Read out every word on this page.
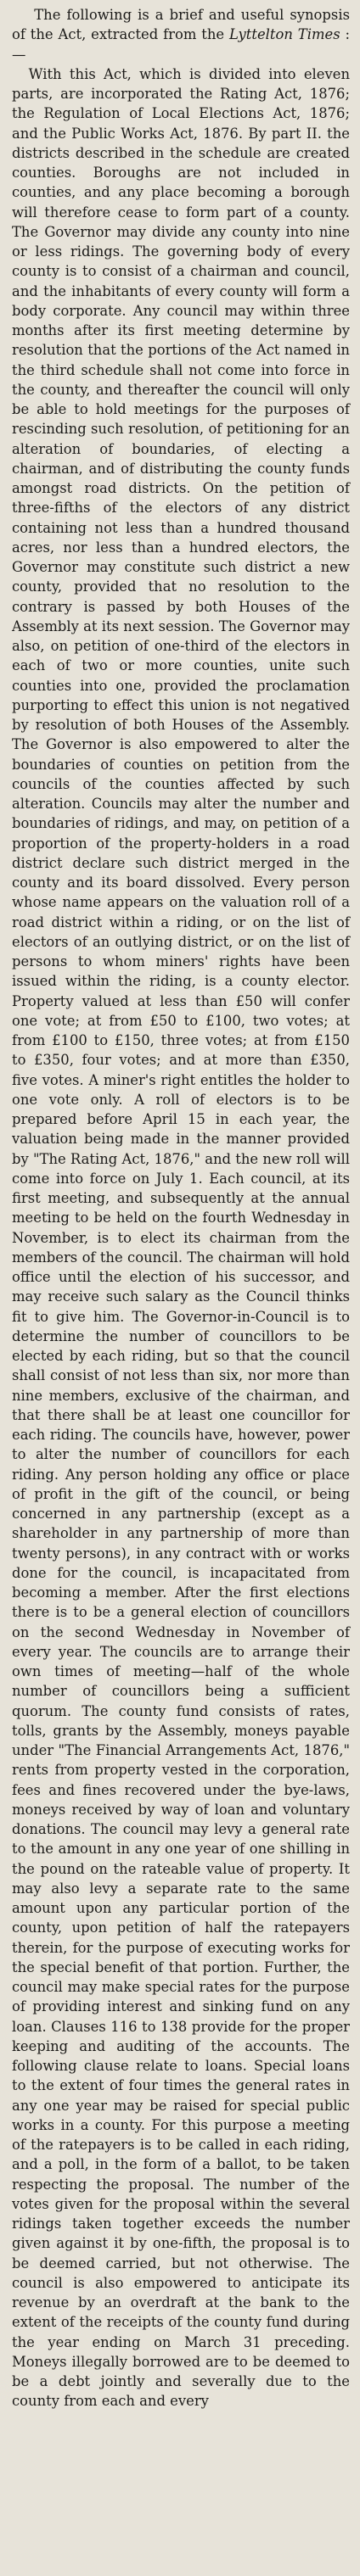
The following is a brief and useful synopsis of the Act, extracted from the Lyttelton Times :—

With this Act, which is divided into eleven parts, are incorporated the Rating Act, 1876; the Regulation of Local Elections Act, 1876; and the Public Works Act, 1876. By part II. the districts described in the schedule are created counties. Boroughs are not included in counties, and any place becoming a borough will therefore cease to form part of a county. The Governor may divide any county into nine or less ridings. The governing body of every county is to consist of a chairman and council, and the inhabitants of every county will form a body corporate. Any council may within three months after its first meeting determine by resolution that the portions of the Act named in the third schedule shall not come into force in the county, and thereafter the council will only be able to hold meetings for the purposes of rescinding such resolution, of petitioning for an alteration of boundaries, of electing a chairman, and of distributing the county funds amongst road districts. On the petition of three-fifths of the electors of any district containing not less than a hundred thousand acres, nor less than a hundred electors, the Governor may constitute such district a new county, provided that no resolution to the contrary is passed by both Houses of the Assembly at its next session. The Governor may also, on petition of one-third of the electors in each of two or more counties, unite such counties into one, provided the proclamation purporting to effect this union is not negatived by resolution of both Houses of the Assembly. The Governor is also empowered to alter the boundaries of counties on petition from the councils of the counties affected by such alteration. Councils may alter the number and boundaries of ridings, and may, on petition of a proportion of the property-holders in a road district declare such district merged in the county and its board dissolved. Every person whose name appears on the valuation roll of a road district within a riding, or on the list of electors of an outlying district, or on the list of persons to whom miners' rights have been issued within the riding, is a county elector. Property valued at less than £50 will confer one vote; at from £50 to £100, two votes; at from £100 to £150, three votes; at from £150 to £350, four votes; and at more than £350, five votes. A miner's right entitles the holder to one vote only. A roll of electors is to be prepared before April 15 in each year, the valuation being made in the manner provided by "The Rating Act, 1876," and the new roll will come into force on July 1. Each council, at its first meeting, and subsequently at the annual meeting to be held on the fourth Wednesday in November, is to elect its chairman from the members of the council. The chairman will hold office until the election of his successor, and may receive such salary as the Council thinks fit to give him. The Governor-in-Council is to determine the number of councillors to be elected by each riding, but so that the council shall consist of not less than six, nor more than nine members, exclusive of the chairman, and that there shall be at least one councillor for each riding. The councils have, however, power to alter the number of councillors for each riding. Any person holding any office or place of profit in the gift of the council, or being concerned in any partnership (except as a shareholder in any partnership of more than twenty persons), in any contract with or works done for the council, is incapacitated from becoming a member. After the first elections there is to be a general election of councillors on the second Wednesday in November of every year. The councils are to arrange their own times of meeting—half of the whole number of councillors being a sufficient quorum. The county fund consists of rates, tolls, grants by the Assembly, moneys payable under "The Financial Arrangements Act, 1876," rents from property vested in the corporation, fees and fines recovered under the bye-laws, moneys received by way of loan and voluntary donations. The council may levy a general rate to the amount in any one year of one shilling in the pound on the rateable value of property. It may also levy a separate rate to the same amount upon any particular portion of the county, upon petition of half the ratepayers therein, for the purpose of executing works for the special benefit of that portion. Further, the council may make special rates for the purpose of providing interest and sinking fund on any loan. Clauses 116 to 138 provide for the proper keeping and auditing of the accounts. The following clause relate to loans. Special loans to the extent of four times the general rates in any one year may be raised for special public works in a county. For this purpose a meeting of the ratepayers is to be called in each riding, and a poll, in the form of a ballot, to be taken respecting the proposal. The number of the votes given for the proposal within the several ridings taken together exceeds the number given against it by one-fifth, the proposal is to be deemed carried, but not otherwise. The council is also empowered to anticipate its revenue by an overdraft at the bank to the extent of the receipts of the county fund during the year ending on March 31 preceding. Moneys illegally borrowed are to be deemed to be a debt jointly and severally due to the county from each and every
